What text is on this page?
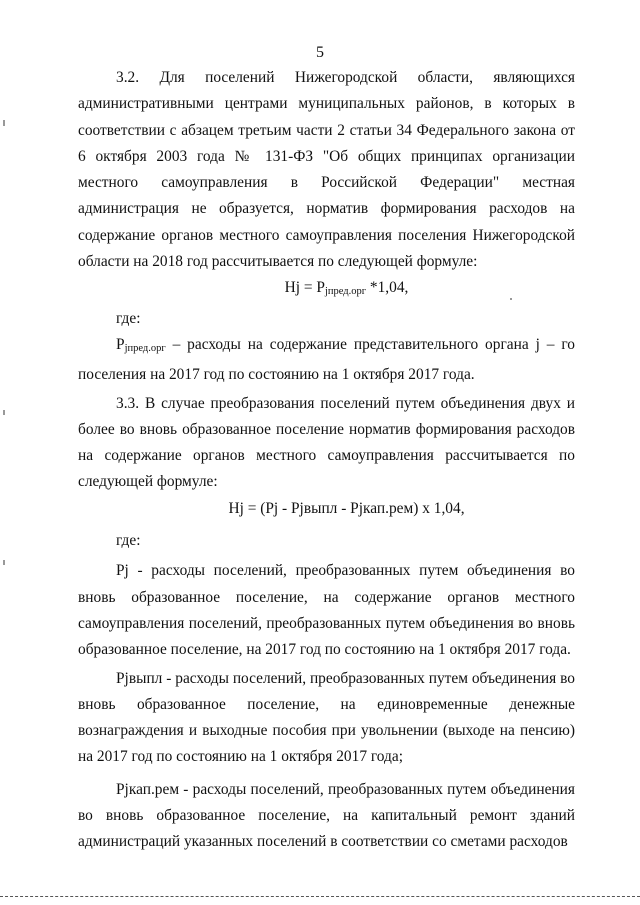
5

3.2. Для поселений Нижегородской области, являющихся административными центрами муниципальных районов, в которых в соответствии с абзацем третьим части 2 статьи 34 Федерального закона от 6 октября 2003 года № 131-ФЗ "Об общих принципах организации местного самоуправления в Российской Федерации" местная администрация не образуется, норматив формирования расходов на содержание органов местного самоуправления поселения Нижегородской области на 2018 год рассчитывается по следующей формуле:

Hj = Pjпред.орг *1,04,

где:

Pjпред.орг – расходы на содержание представительного органа j – го поселения на 2017 год по состоянию на 1 октября 2017 года.

3.3. В случае преобразования поселений путем объединения двух и более во вновь образованное поселение норматив формирования расходов на содержание органов местного самоуправления рассчитывается по следующей формуле:

Hj = (Pj - Pjвыпл - Pjкап.рем) х 1,04,

где:

Pj - расходы поселений, преобразованных путем объединения во вновь образованное поселение, на содержание органов местного самоуправления поселений, преобразованных путем объединения во вновь образованное поселение, на 2017 год по состоянию на 1 октября 2017 года.

Pjвыпл - расходы поселений, преобразованных путем объединения во вновь образованное поселение, на единовременные денежные вознаграждения и выходные пособия при увольнении (выходе на пенсию) на 2017 год по состоянию на 1 октября 2017 года;

Pjкап.рем - расходы поселений, преобразованных путем объединения во вновь образованное поселение, на капитальный ремонт зданий администраций указанных поселений в соответствии со сметами расходов
